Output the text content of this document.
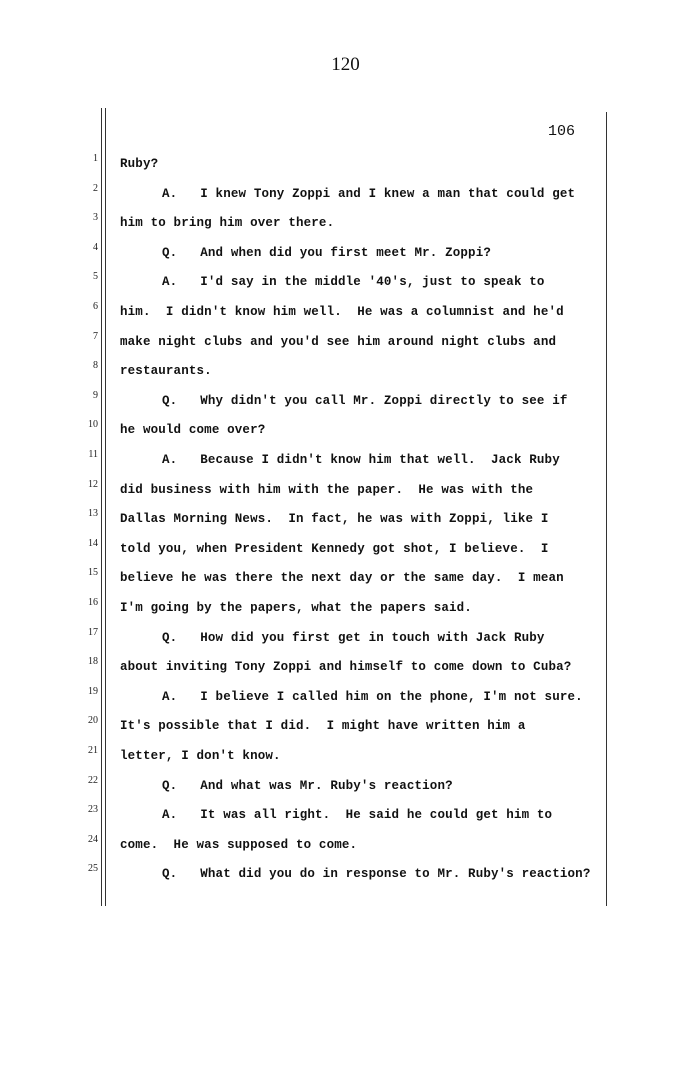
120
106
1 Ruby?
2	A.   I knew Tony Zoppi and I knew a man that could get
3 him to bring him over there.
4	Q.   And when did you first meet Mr. Zoppi?
5	A.   I'd say in the middle '40's, just to speak to
6 him.  I didn't know him well.  He was a columnist and he'd
7 make night clubs and you'd see him around night clubs and
8 restaurants.
9	Q.   Why didn't you call Mr. Zoppi directly to see if
10 he would come over?
11	A.   Because I didn't know him that well.  Jack Ruby
12 did business with him with the paper.  He was with the
13 Dallas Morning News.  In fact, he was with Zoppi, like I
14 told you, when President Kennedy got shot, I believe.  I
15 believe he was there the next day or the same day.  I mean
16 I'm going by the papers, what the papers said.
17	Q.   How did you first get in touch with Jack Ruby
18 about inviting Tony Zoppi and himself to come down to Cuba?
19	A.   I believe I called him on the phone, I'm not sure.
20 It's possible that I did.  I might have written him a
21 letter, I don't know.
22	Q.   And what was Mr. Ruby's reaction?
23	A.   It was all right.  He said he could get him to
24 come.  He was supposed to come.
25	Q.   What did you do in response to Mr. Ruby's reaction?
